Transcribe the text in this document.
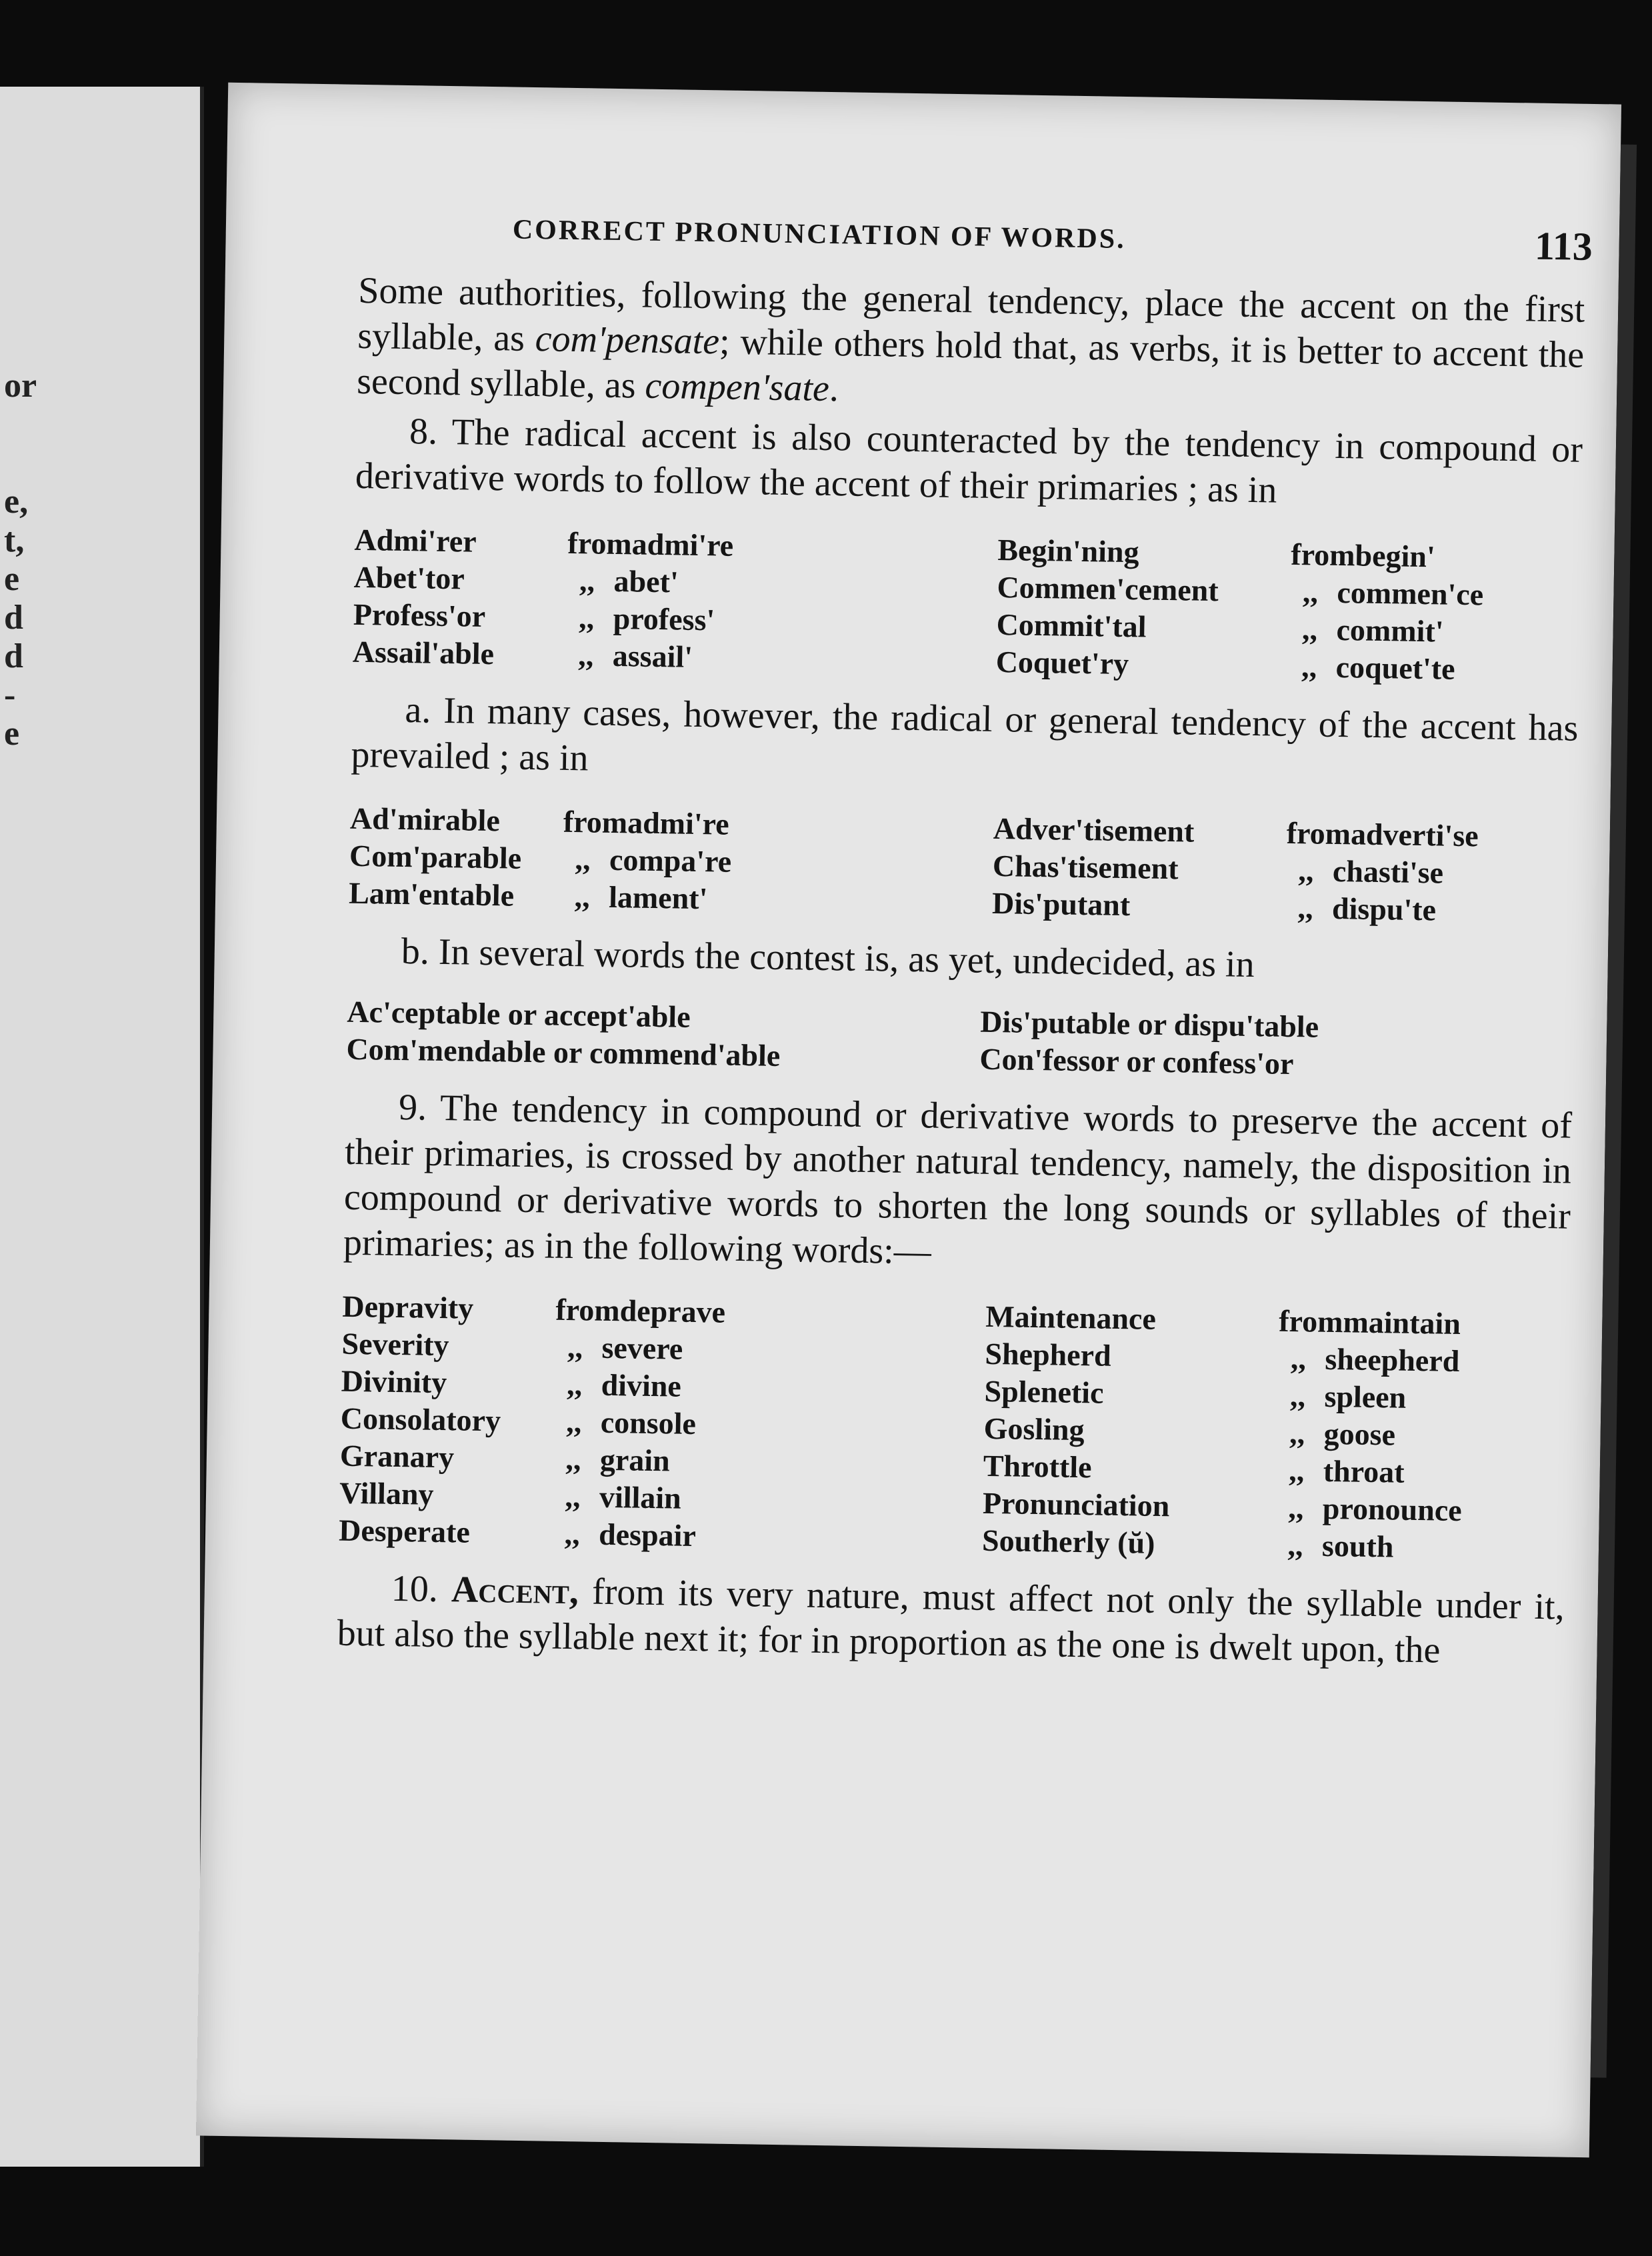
or
e,
t,
e
d
d
-
e
CORRECT PRONUNCIATION OF WORDS.	113

Some authorities, following the general tendency, place the accent on the first syllable, as com'pensate; while others hold that, as verbs, it is better to accent the second syllable, as compen'sate.

8. The radical accent is also counteracted by the tendency in compound or derivative words to follow the accent of their primaries ; as in

Admi'rer	from admi're
Abet'tor	,, abet'
Profess'or	,, profess'
Assail'able	,, assail'
Begin'ning	from begin'
Commen'cement	,, commen'ce
Commit'tal	,, commit'
Coquet'ry	,, coquet'te

a. In many cases, however, the radical or general tendency of the accent has prevailed ; as in

Ad'mirable	from admi're
Com'parable	,, compa're
Lam'entable	,, lament'
Adver'tisement	from adverti'se
Chas'tisement	,, chasti'se
Dis'putant	,, dispu'te

b. In several words the contest is, as yet, undecided, as in

Ac'ceptable or accept'able
Com'mendable or commend'able
Dis'putable or dispu'table
Con'fessor or confess'or

9. The tendency in compound or derivative words to preserve the accent of their primaries, is crossed by another natural tendency, namely, the disposition in compound or derivative words to shorten the long sounds or syllables of their primaries; as in the following words:—

Depravity	from deprave
Severity	,, severe
Divinity	,, divine
Consolatory	,, console
Granary	,, grain
Villany	,, villain
Desperate	,, despair
Maintenance	from maintain
Shepherd	,, sheepherd
Splenetic	,, spleen
Gosling	,, goose
Throttle	,, throat
Pronunciation	,, pronounce
Southerly (ŭ)	,, south

10. Accent, from its very nature, must affect not only the syllable under it, but also the syllable next it; for in proportion as the one is dwelt upon, the
